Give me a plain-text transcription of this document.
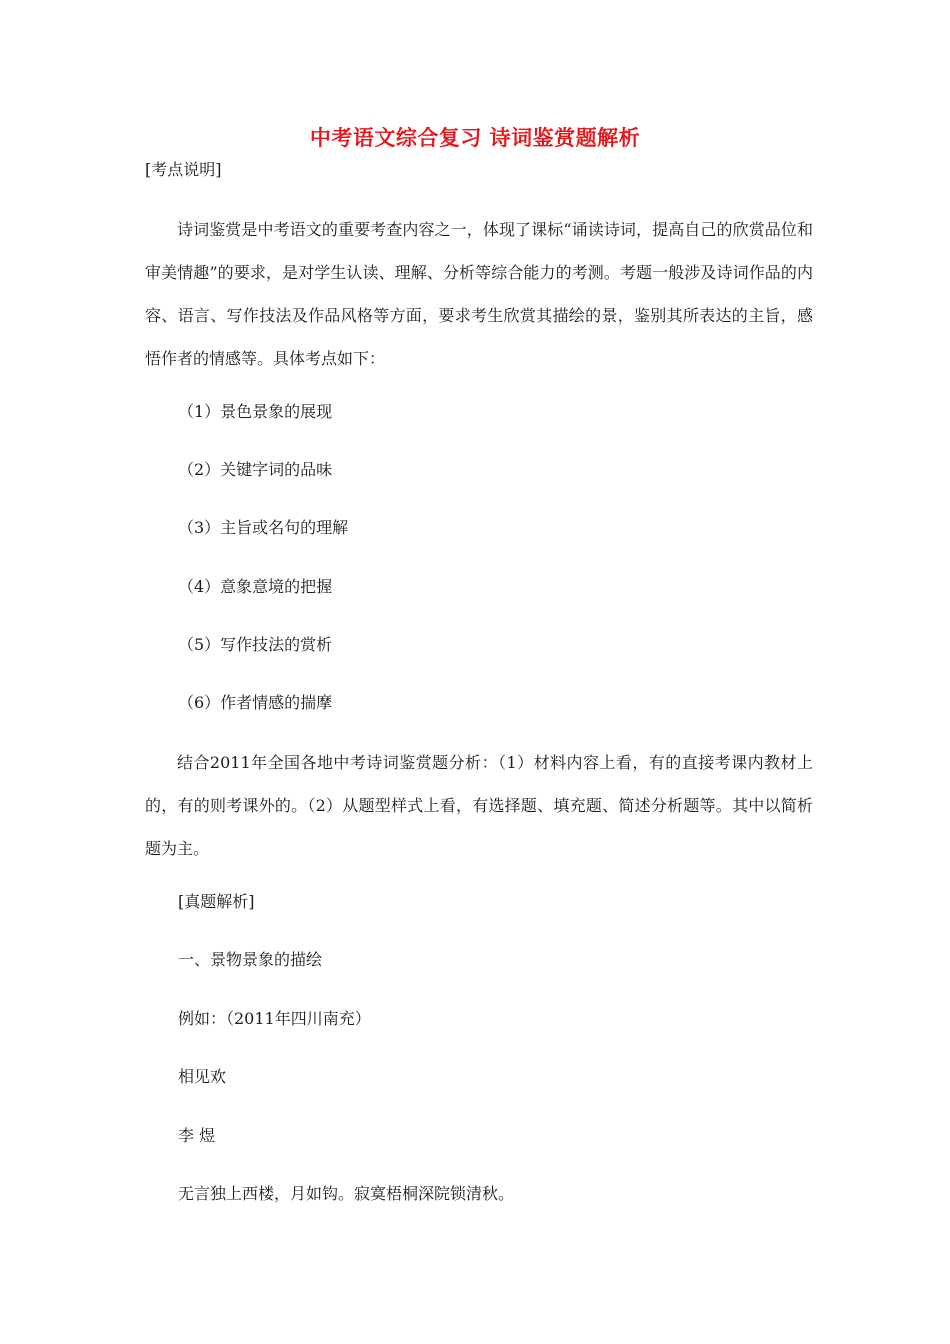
中考语文综合复习 诗词鉴赏题解析
[考点说明]
诗词鉴赏是中考语文的重要考查内容之一，体现了课标“诵读诗词，提高自己的欣赏品位和审美情趣”的要求，是对学生认读、理解、分析等综合能力的考测。考题一般涉及诗词作品的内容、语言、写作技法及作品风格等方面，要求考生欣赏其描绘的景，鉴别其所表达的主旨，感悟作者的情感等。具体考点如下：
（1）景色景象的展现
（2）关键字词的品味
（3）主旨或名句的理解
（4）意象意境的把握
（5）写作技法的赏析
（6）作者情感的揣摩
结合2011年全国各地中考诗词鉴赏题分析：（1）材料内容上看，有的直接考课内教材上的，有的则考课外的。（2）从题型样式上看，有选择题、填充题、简述分析题等。其中以简析题为主。
[真题解析]
一、景物景象的描绘
例如：（2011年四川南充）
相见欢
李 煜
无言独上西楼，月如钩。寂寞梧桐深院锁清秋。
